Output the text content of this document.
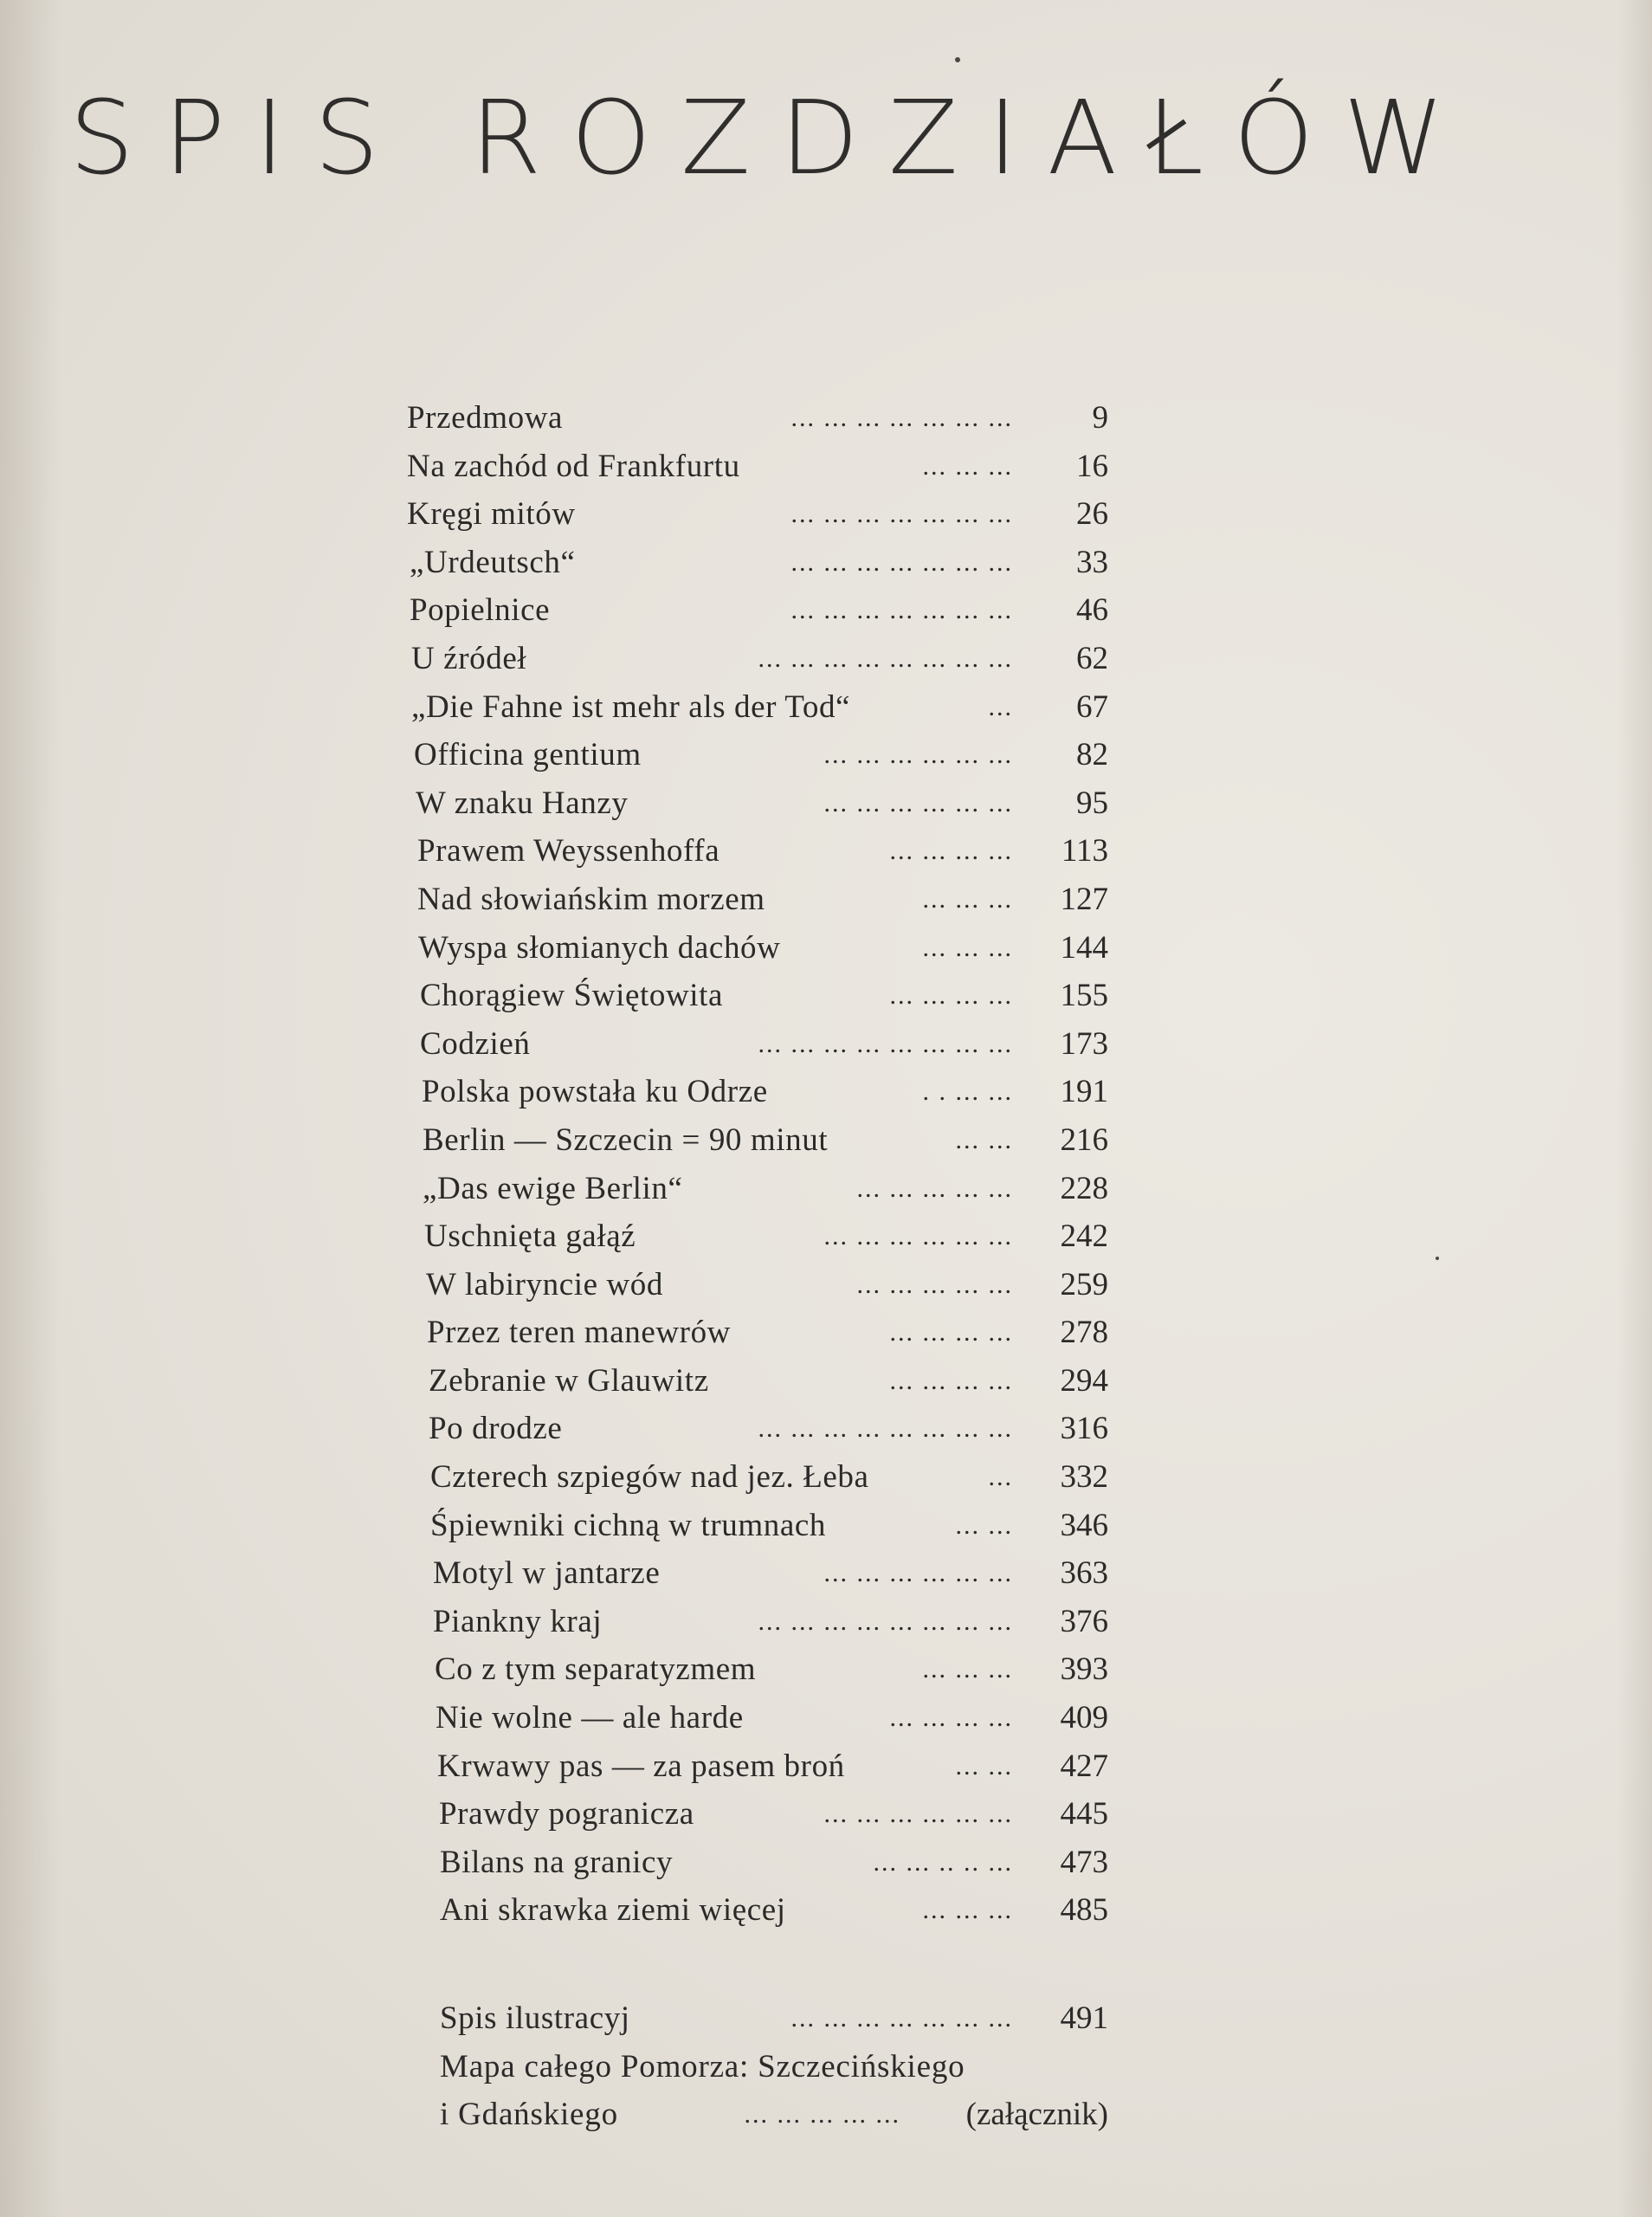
SPIS ROZDZIAŁÓW
Przedmowa	... ... ... ... ... ... ...	9
Na zachód od Frankfurtu	... ... ...	16
Kręgi mitów	... ... ... ... ... ... ...	26
„Urdeutsch“	... ... ... ... ... ... ...	33
Popielnice	... ... ... ... ... ... ...	46
U źródeł	... ... ... ... ... ... ... ...	62
„Die Fahne ist mehr als der Tod“	...	67
Officina gentium	... ... ... ... ... ...	82
W znaku Hanzy	... ... ... ... ... ...	95
Prawem Weyssenhoffa	... ... ... ...	113
Nad słowiańskim morzem	... ... ...	127
Wyspa słomianych dachów	... ... ...	144
Chorągiew Świętowita	... ... ... ...	155
Codzień	... ... ... ... ... ... ... ...	173
Polska powstała ku Odrze	. . ... ...	191
Berlin — Szczecin = 90 minut	... ...	216
„Das ewige Berlin“	... ... ... ... ...	228
Uschnięta gałąź	... ... ... ... ... ...	242
W labiryncie wód	... ... ... ... ...	259
Przez teren manewrów	... ... ... ...	278
Zebranie w Glauwitz	... ... ... ...	294
Po drodze	... ... ... ... ... ... ... ...	316
Czterech szpiegów nad jez. Łeba	...	332
Śpiewniki cichną w trumnach	... ...	346
Motyl w jantarze	... ... ... ... ... ...	363
Pianknу kraj	... ... ... ... ... ... ... ...	376
Co z tym separatyzmem	... ... ...	393
Nie wolne — ale harde	... ... ... ...	409
Krwawy pas — za pasem broń	... ...	427
Prawdy pogranicza	... ... ... ... ... ...	445
Bilans na granicy	... ... .. .. ...	473
Ani skrawka ziemi więcej	... ... ...	485
Spis ilustracyj	... ... ... ... ... ... ...	491
Mapa całego Pomorza: Szczecińskiego
i Gdańskiego	... ... ... ... ...	(załącznik)
